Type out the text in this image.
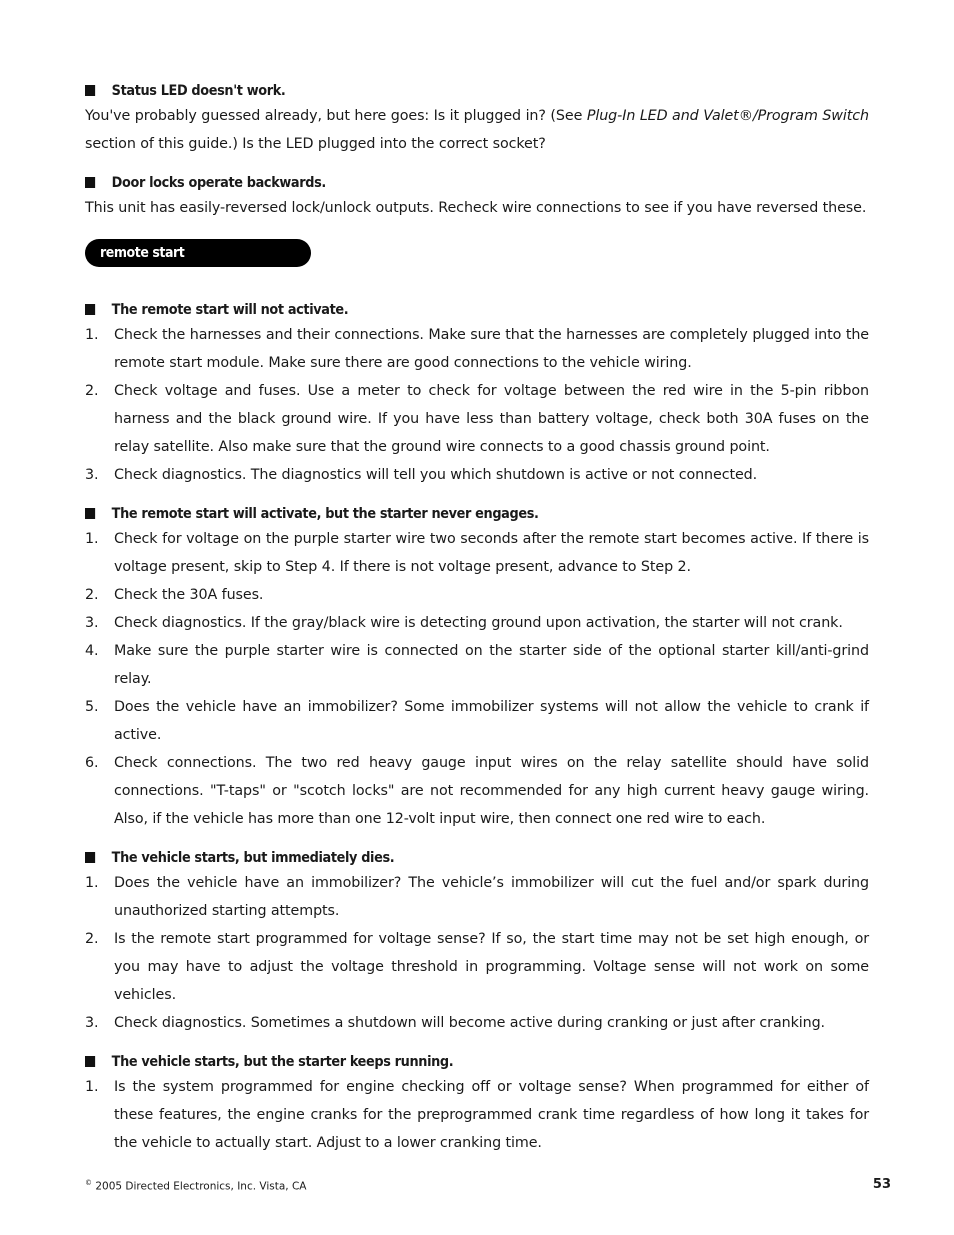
Status LED doesn't work.

You've probably guessed already, but here goes: Is it plugged in? (See Plug-In LED and Valet®/Program Switch section of this guide.) Is the LED plugged into the correct socket?

Door locks operate backwards.

This unit has easily-reversed lock/unlock outputs. Recheck wire connections to see if you have reversed these.

remote start troubleshooting
The remote start will not activate.
1. Check the harnesses and their connections. Make sure that the harnesses are completely plugged into the remote start module. Make sure there are good connections to the vehicle wiring.
2. Check voltage and fuses. Use a meter to check for voltage between the red wire in the 5-pin ribbon harness and the black ground wire. If you have less than battery voltage, check both 30A fuses on the relay satellite. Also make sure that the ground wire connects to a good chassis ground point.
3. Check diagnostics. The diagnostics will tell you which shutdown is active or not connected.
The remote start will activate, but the starter never engages.
1. Check for voltage on the purple starter wire two seconds after the remote start becomes active. If there is voltage present, skip to Step 4. If there is not voltage present, advance to Step 2.
2. Check the 30A fuses.
3. Check diagnostics. If the gray/black wire is detecting ground upon activation, the starter will not crank.
4. Make sure the purple starter wire is connected on the starter side of the optional starter kill/anti-grind relay.
5. Does the vehicle have an immobilizer? Some immobilizer systems will not allow the vehicle to crank if active.
6. Check connections. The two red heavy gauge input wires on the relay satellite should have solid connections. "T-taps" or "scotch locks" are not recommended for any high current heavy gauge wiring. Also, if the vehicle has more than one 12-volt input wire, then connect one red wire to each.
The vehicle starts, but immediately dies.
1. Does the vehicle have an immobilizer? The vehicle’s immobilizer will cut the fuel and/or spark during unauthorized starting attempts.
2. Is the remote start programmed for voltage sense? If so, the start time may not be set high enough, or you may have to adjust the voltage threshold in programming. Voltage sense will not work on some vehicles.
3. Check diagnostics. Sometimes a shutdown will become active during cranking or just after cranking.
The vehicle starts, but the starter keeps running.
1. Is the system programmed for engine checking off or voltage sense? When programmed for either of these features, the engine cranks for the preprogrammed crank time regardless of how long it takes for the vehicle to actually start. Adjust to a lower cranking time.
© 2005 Directed Electronics, Inc. Vista, CA	53
